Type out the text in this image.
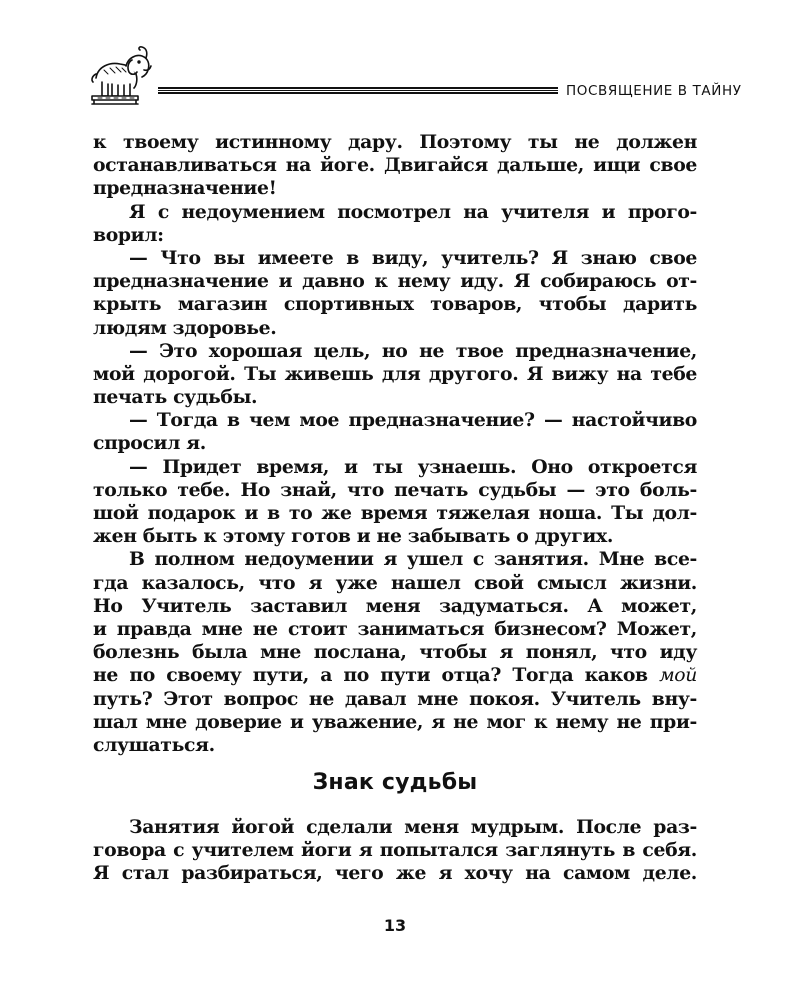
ПОСВЯЩЕНИЕ В ТАЙНУ
к твоему истинному дару. Поэтому ты не должен
останавливаться на йоге. Двигайся дальше, ищи свое
предназначение!
Я с недоумением посмотрел на учителя и прого-
ворил:
— Что вы имеете в виду, учитель? Я знаю свое
предназначение и давно к нему иду. Я собираюсь от-
крыть магазин спортивных товаров, чтобы дарить
людям здоровье.
— Это хорошая цель, но не твое предназначение,
мой дорогой. Ты живешь для другого. Я вижу на тебе
печать судьбы.
— Тогда в чем мое предназначение? — настойчиво
спросил я.
— Придет время, и ты узнаешь. Оно откроется
только тебе. Но знай, что печать судьбы — это боль-
шой подарок и в то же время тяжелая ноша. Ты дол-
жен быть к этому готов и не забывать о других.
В полном недоумении я ушел с занятия. Мне все-
гда казалось, что я уже нашел свой смысл жизни.
Но Учитель заставил меня задуматься. А может,
и правда мне не стоит заниматься бизнесом? Может,
болезнь была мне послана, чтобы я понял, что иду
не по своему пути, а по пути отца? Тогда каков мой
путь? Этот вопрос не давал мне покоя. Учитель вну-
шал мне доверие и уважение, я не мог к нему не при-
слушаться.
Знак судьбы
Занятия йогой сделали меня мудрым. После раз-
говора с учителем йоги я попытался заглянуть в себя.
Я стал разбираться, чего же я хочу на самом деле.
13
